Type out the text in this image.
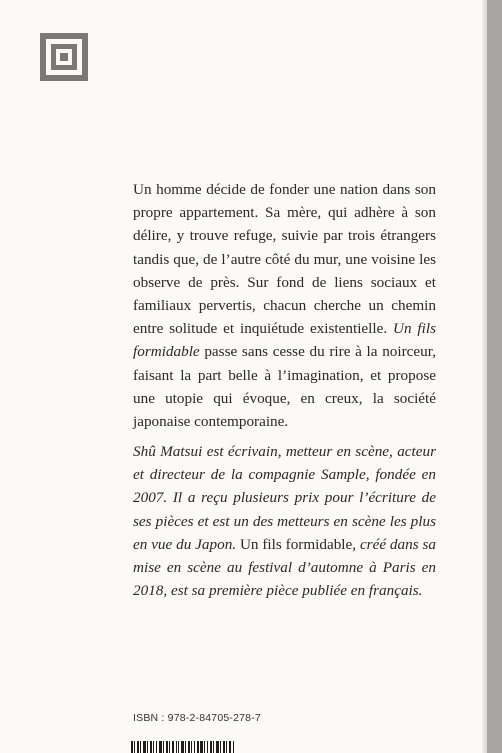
Un homme décide de fonder une nation dans son propre appartement. Sa mère, qui adhère à son délire, y trouve refuge, suivie par trois étrangers tandis que, de l’autre côté du mur, une voisine les observe de près. Sur fond de liens sociaux et familiaux pervertis, chacun cherche un chemin entre solitude et inquiétude existentielle. Un fils formidable passe sans cesse du rire à la noirceur, faisant la part belle à l’imagination, et propose une utopie qui évoque, en creux, la société japonaise contemporaine.

Shû Matsui est écrivain, metteur en scène, acteur et directeur de la compagnie Sample, fondée en 2007. Il a reçu plusieurs prix pour l’écriture de ses pièces et est un des metteurs en scène les plus en vue du Japon. Un fils formidable, créé dans sa mise en scène au festival d’automne à Paris en 2018, est sa première pièce publiée en français.

ISBN : 978-2-84705-278-7
